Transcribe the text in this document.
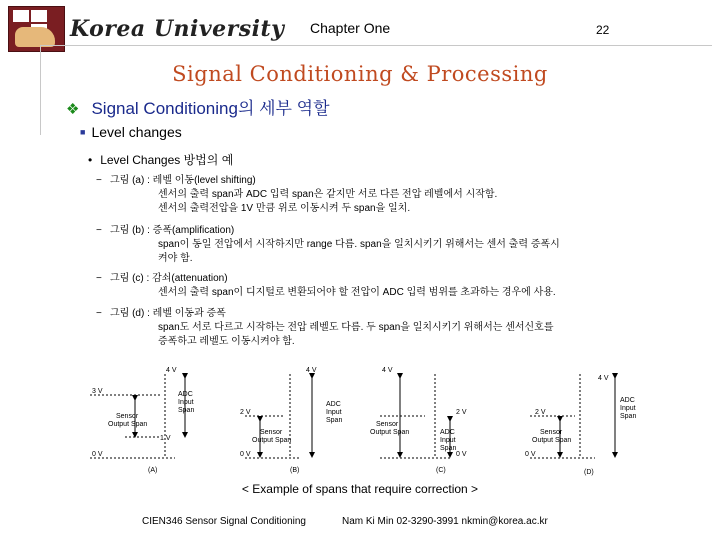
Korea University Chapter One	22
Signal Conditioning & Processing
❖ Signal Conditioning의 세부 역할
■ Level changes
• Level Changes 방법의 예
− 그림 (a) : 레벨 이동(level shifting)
센서의 출력 span과 ADC 입력 span은 같지만 서로 다른 전압 레벨에서 시작함.
센서의 출력전압을 1V 만큼 위로 이동시켜 두 span을 일치.
− 그림 (b) : 증폭(amplification)
span이 동일 전압에서 시작하지만 range 다름. span을 일치시키기 위해서는 센서 출력 증폭시
켜야 함.
− 그림 (c) : 감쇠(attenuation)
센서의 출력 span이 디지털로 변환되어야 할 전압이 ADC 입력 범위를 초과하는 경우에 사용.
− 그림 (d) : 레벨 이동과 증폭
span도 서로 다르고 시작하는 전압 레벨도 다름. 두 span을 일치시키기 위해서는 센서신호를
증폭하고 레벨도 이동시켜야 함.
4 V
3 V
1 V
0 V
Sensor
Output Span
ADC
Input
Span
(A)
4 V
2 V
0 V
Sensor
Output Span
ADC
Input
Span
(B)
4 V
2 V
0 V
Sensor
Output Span	ADC
Input
Span
(C)
4 V
2 V
0 V
Sensor
Output Span
ADC
Input
Span
(D)
< Example of spans that require correction >
CIEN346 Sensor Signal Conditioning	Nam Ki Min 02-3290-3991 nkmin@korea.ac.kr
